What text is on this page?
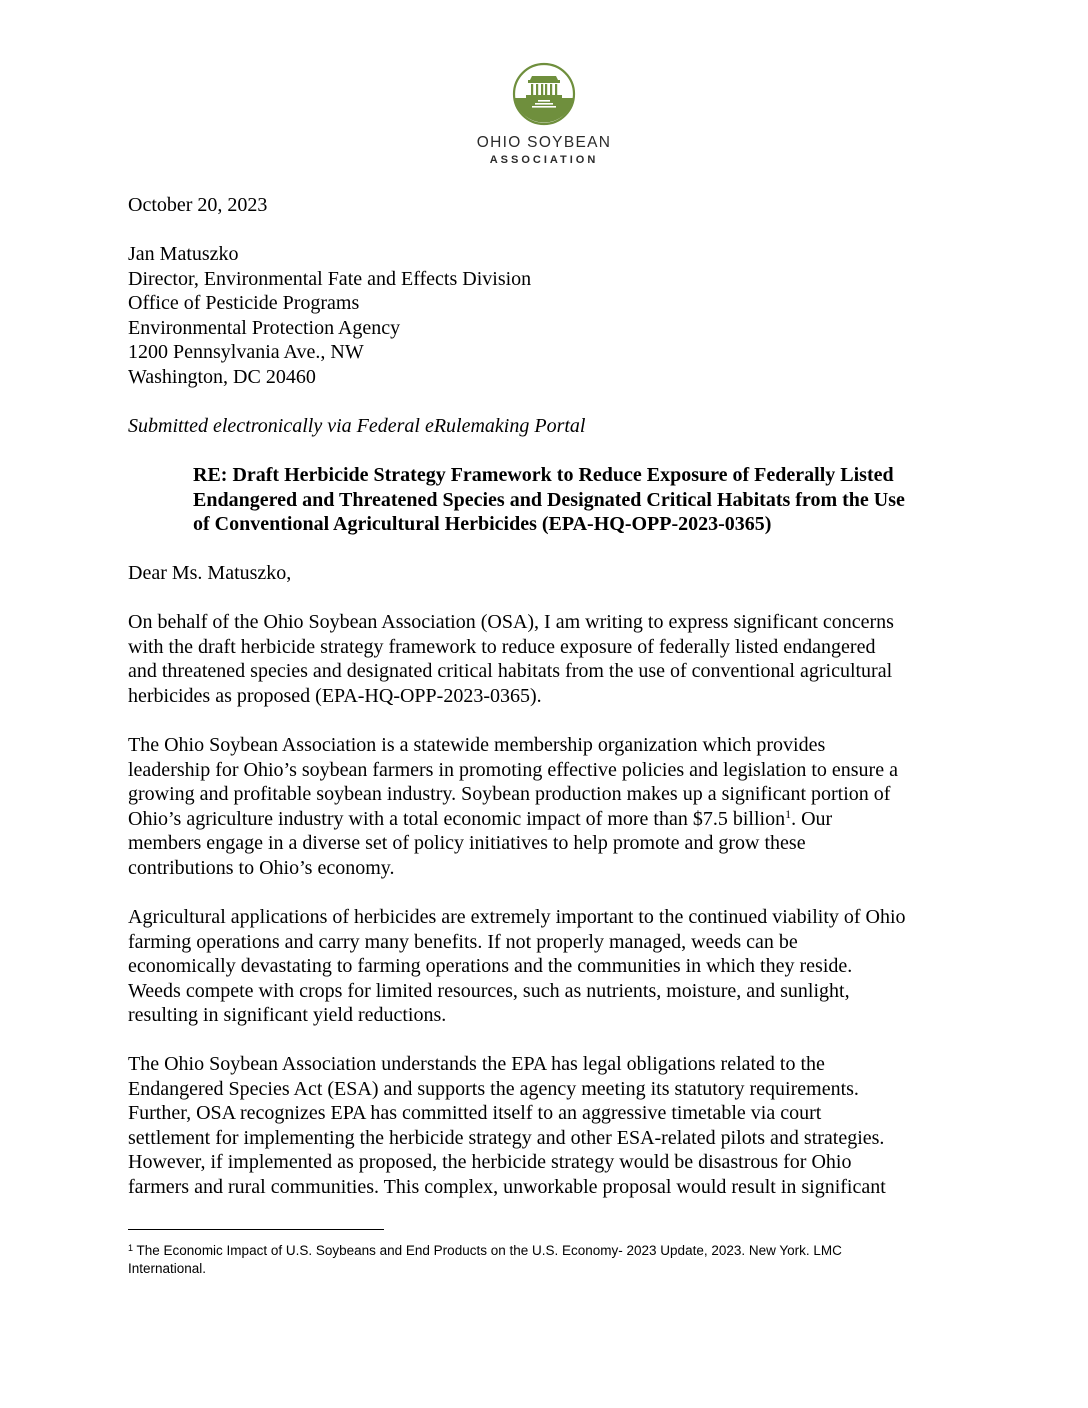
OHIO SOYBEAN
ASSOCIATION
October 20, 2023
Jan Matuszko
Director, Environmental Fate and Effects Division
Office of Pesticide Programs
Environmental Protection Agency
1200 Pennsylvania Ave., NW
Washington, DC 20460
Submitted electronically via Federal eRulemaking Portal
RE: Draft Herbicide Strategy Framework to Reduce Exposure of Federally Listed
Endangered and Threatened Species and Designated Critical Habitats from the Use
of Conventional Agricultural Herbicides (EPA-HQ-OPP-2023-0365)
Dear Ms. Matuszko,
On behalf of the Ohio Soybean Association (OSA), I am writing to express significant concerns
with the draft herbicide strategy framework to reduce exposure of federally listed endangered
and threatened species and designated critical habitats from the use of conventional agricultural
herbicides as proposed (EPA-HQ-OPP-2023-0365).
The Ohio Soybean Association is a statewide membership organization which provides
leadership for Ohio’s soybean farmers in promoting effective policies and legislation to ensure a
growing and profitable soybean industry. Soybean production makes up a significant portion of
Ohio’s agriculture industry with a total economic impact of more than $7.5 billion$^1$. Our
members engage in a diverse set of policy initiatives to help promote and grow these
contributions to Ohio’s economy.
Agricultural applications of herbicides are extremely important to the continued viability of Ohio
farming operations and carry many benefits. If not properly managed, weeds can be
economically devastating to farming operations and the communities in which they reside.
Weeds compete with crops for limited resources, such as nutrients, moisture, and sunlight,
resulting in significant yield reductions.
The Ohio Soybean Association understands the EPA has legal obligations related to the
Endangered Species Act (ESA) and supports the agency meeting its statutory requirements.
Further, OSA recognizes EPA has committed itself to an aggressive timetable via court
settlement for implementing the herbicide strategy and other ESA-related pilots and strategies.
However, if implemented as proposed, the herbicide strategy would be disastrous for Ohio
farmers and rural communities. This complex, unworkable proposal would result in significant
$^1$ The Economic Impact of U.S. Soybeans and End Products on the U.S. Economy- 2023 Update, 2023. New York. LMC
International.
